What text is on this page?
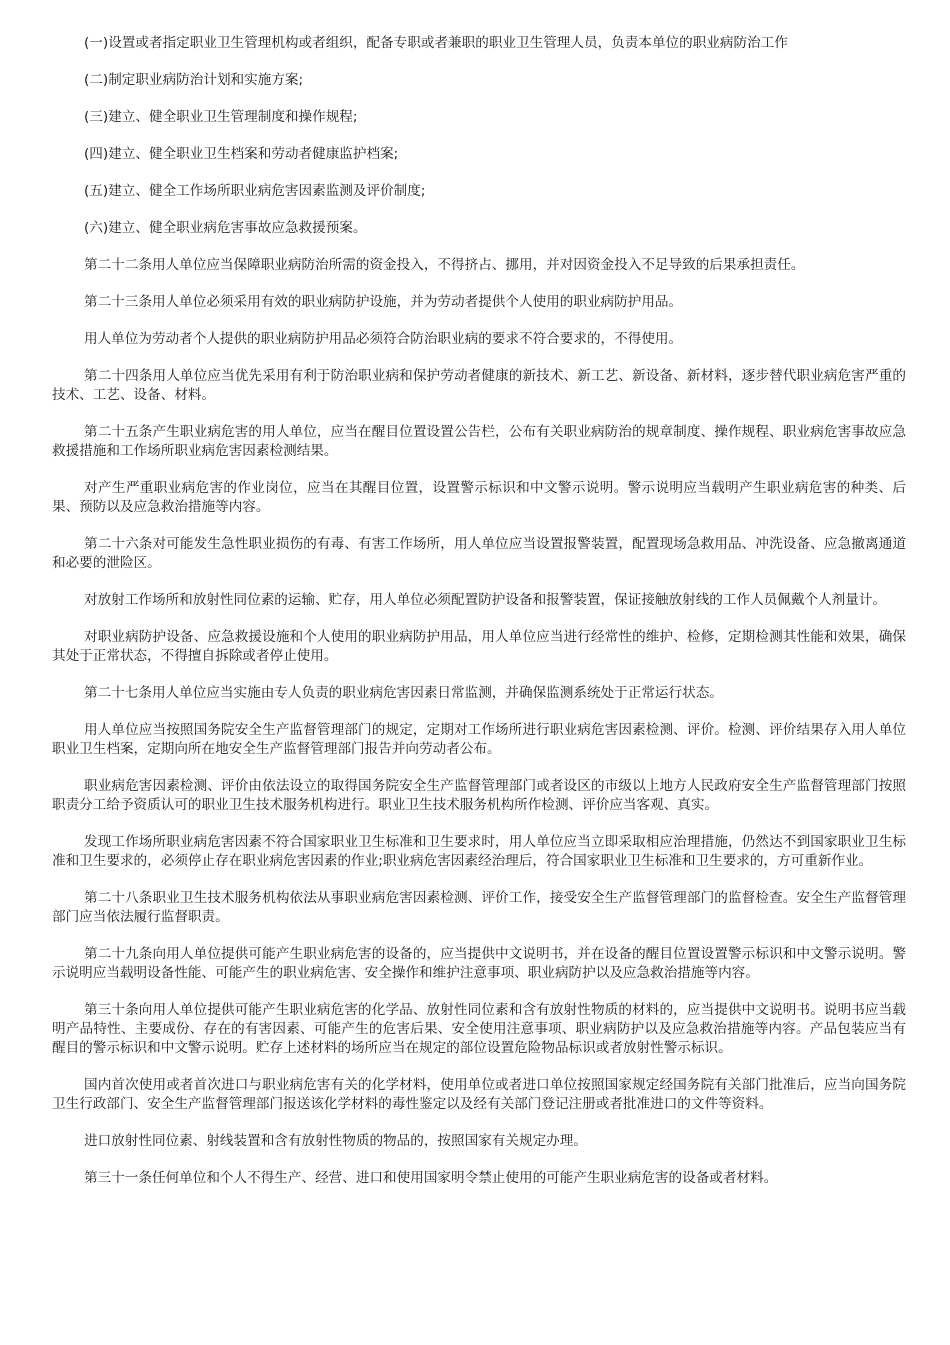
(一)设置或者指定职业卫生管理机构或者组织，配备专职或者兼职的职业卫生管理人员，负责本单位的职业病防治工作

(二)制定职业病防治计划和实施方案;

(三)建立、健全职业卫生管理制度和操作规程;

(四)建立、健全职业卫生档案和劳动者健康监护档案;

(五)建立、健全工作场所职业病危害因素监测及评价制度;

(六)建立、健全职业病危害事故应急救援预案。

第二十二条用人单位应当保障职业病防治所需的资金投入，不得挤占、挪用，并对因资金投入不足导致的后果承担责任。

第二十三条用人单位必须采用有效的职业病防护设施，并为劳动者提供个人使用的职业病防护用品。

用人单位为劳动者个人提供的职业病防护用品必须符合防治职业病的要求不符合要求的，不得使用。

第二十四条用人单位应当优先采用有利于防治职业病和保护劳动者健康的新技术、新工艺、新设备、新材料，逐步替代职业病危害严重的技术、工艺、设备、材料。

第二十五条产生职业病危害的用人单位，应当在醒目位置设置公告栏，公布有关职业病防治的规章制度、操作规程、职业病危害事故应急救援措施和工作场所职业病危害因素检测结果。

对产生严重职业病危害的作业岗位，应当在其醒目位置，设置警示标识和中文警示说明。警示说明应当载明产生职业病危害的种类、后果、预防以及应急救治措施等内容。

第二十六条对可能发生急性职业损伤的有毒、有害工作场所，用人单位应当设置报警装置，配置现场急救用品、冲洗设备、应急撤离通道和必要的泄险区。

对放射工作场所和放射性同位素的运输、贮存，用人单位必须配置防护设备和报警装置，保证接触放射线的工作人员佩戴个人剂量计。

对职业病防护设备、应急救援设施和个人使用的职业病防护用品，用人单位应当进行经常性的维护、检修，定期检测其性能和效果，确保其处于正常状态，不得擅自拆除或者停止使用。

第二十七条用人单位应当实施由专人负责的职业病危害因素日常监测，并确保监测系统处于正常运行状态。

用人单位应当按照国务院安全生产监督管理部门的规定，定期对工作场所进行职业病危害因素检测、评价。检测、评价结果存入用人单位职业卫生档案，定期向所在地安全生产监督管理部门报告并向劳动者公布。

职业病危害因素检测、评价由依法设立的取得国务院安全生产监督管理部门或者设区的市级以上地方人民政府安全生产监督管理部门按照职责分工给予资质认可的职业卫生技术服务机构进行。职业卫生技术服务机构所作检测、评价应当客观、真实。

发现工作场所职业病危害因素不符合国家职业卫生标准和卫生要求时，用人单位应当立即采取相应治理措施，仍然达不到国家职业卫生标准和卫生要求的，必须停止存在职业病危害因素的作业;职业病危害因素经治理后，符合国家职业卫生标准和卫生要求的，方可重新作业。

第二十八条职业卫生技术服务机构依法从事职业病危害因素检测、评价工作，接受安全生产监督管理部门的监督检查。安全生产监督管理部门应当依法履行监督职责。

第二十九条向用人单位提供可能产生职业病危害的设备的，应当提供中文说明书，并在设备的醒目位置设置警示标识和中文警示说明。警示说明应当载明设备性能、可能产生的职业病危害、安全操作和维护注意事项、职业病防护以及应急救治措施等内容。

第三十条向用人单位提供可能产生职业病危害的化学品、放射性同位素和含有放射性物质的材料的，应当提供中文说明书。说明书应当载明产品特性、主要成份、存在的有害因素、可能产生的危害后果、安全使用注意事项、职业病防护以及应急救治措施等内容。产品包装应当有醒目的警示标识和中文警示说明。贮存上述材料的场所应当在规定的部位设置危险物品标识或者放射性警示标识。

国内首次使用或者首次进口与职业病危害有关的化学材料，使用单位或者进口单位按照国家规定经国务院有关部门批准后，应当向国务院卫生行政部门、安全生产监督管理部门报送该化学材料的毒性鉴定以及经有关部门登记注册或者批准进口的文件等资料。

进口放射性同位素、射线装置和含有放射性物质的物品的，按照国家有关规定办理。

第三十一条任何单位和个人不得生产、经营、进口和使用国家明令禁止使用的可能产生职业病危害的设备或者材料。
